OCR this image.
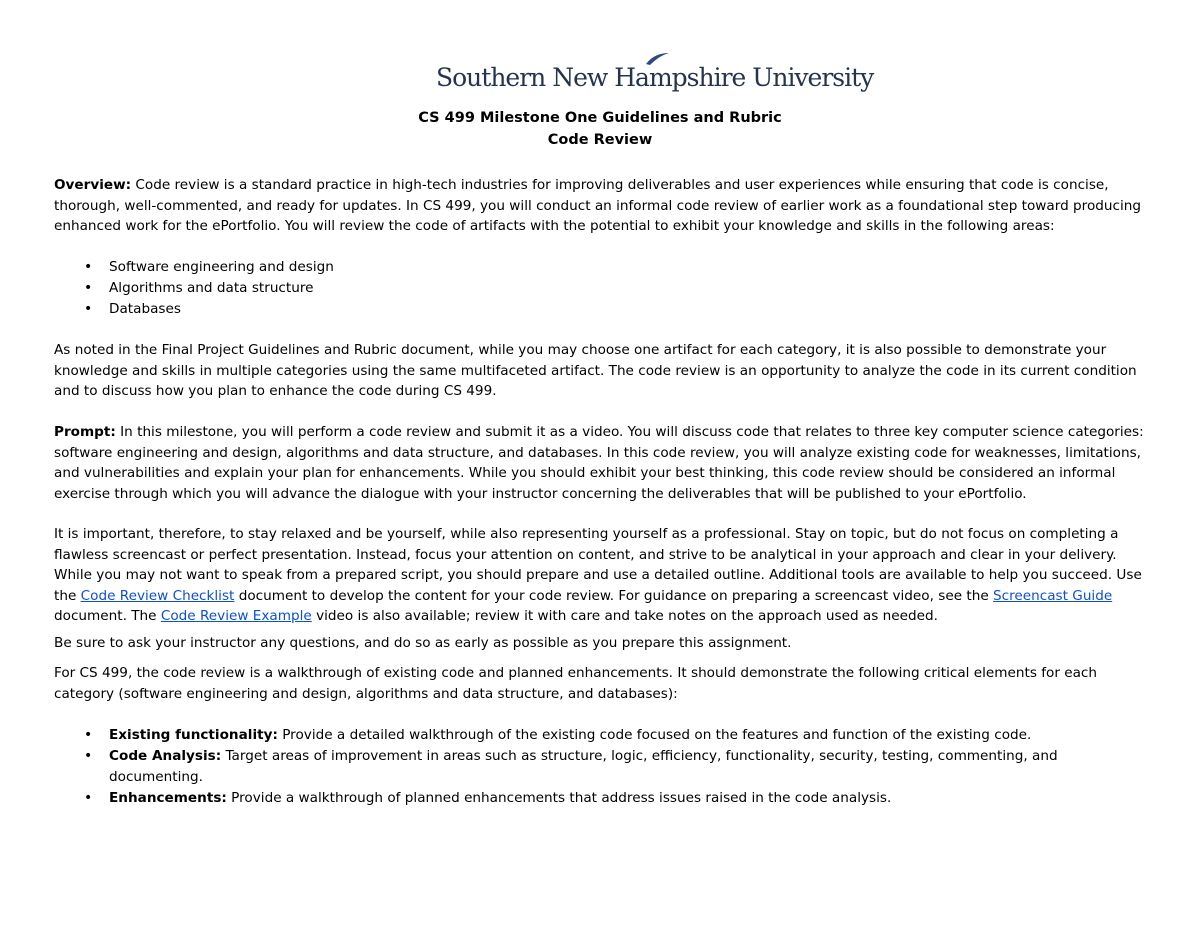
Southern New Hampshire University
CS 499 Milestone One Guidelines and Rubric
Code Review

Overview: Code review is a standard practice in high-tech industries for improving deliverables and user experiences while ensuring that code is concise, thorough, well-commented, and ready for updates. In CS 499, you will conduct an informal code review of earlier work as a foundational step toward producing enhanced work for the ePortfolio. You will review the code of artifacts with the potential to exhibit your knowledge and skills in the following areas:

• Software engineering and design
• Algorithms and data structure
• Databases

As noted in the Final Project Guidelines and Rubric document, while you may choose one artifact for each category, it is also possible to demonstrate your knowledge and skills in multiple categories using the same multifaceted artifact. The code review is an opportunity to analyze the code in its current condition and to discuss how you plan to enhance the code during CS 499.

Prompt: In this milestone, you will perform a code review and submit it as a video. You will discuss code that relates to three key computer science categories: software engineering and design, algorithms and data structure, and databases. In this code review, you will analyze existing code for weaknesses, limitations, and vulnerabilities and explain your plan for enhancements. While you should exhibit your best thinking, this code review should be considered an informal exercise through which you will advance the dialogue with your instructor concerning the deliverables that will be published to your ePortfolio.

It is important, therefore, to stay relaxed and be yourself, while also representing yourself as a professional. Stay on topic, but do not focus on completing a flawless screencast or perfect presentation. Instead, focus your attention on content, and strive to be analytical in your approach and clear in your delivery. While you may not want to speak from a prepared script, you should prepare and use a detailed outline. Additional tools are available to help you succeed. Use the Code Review Checklist document to develop the content for your code review. For guidance on preparing a screencast video, see the Screencast Guide document. The Code Review Example video is also available; review it with care and take notes on the approach used as needed.

Be sure to ask your instructor any questions, and do so as early as possible as you prepare this assignment.

For CS 499, the code review is a walkthrough of existing code and planned enhancements. It should demonstrate the following critical elements for each category (software engineering and design, algorithms and data structure, and databases):

• Existing functionality: Provide a detailed walkthrough of the existing code focused on the features and function of the existing code.
• Code Analysis: Target areas of improvement in areas such as structure, logic, efficiency, functionality, security, testing, commenting, and documenting.
• Enhancements: Provide a walkthrough of planned enhancements that address issues raised in the code analysis.
